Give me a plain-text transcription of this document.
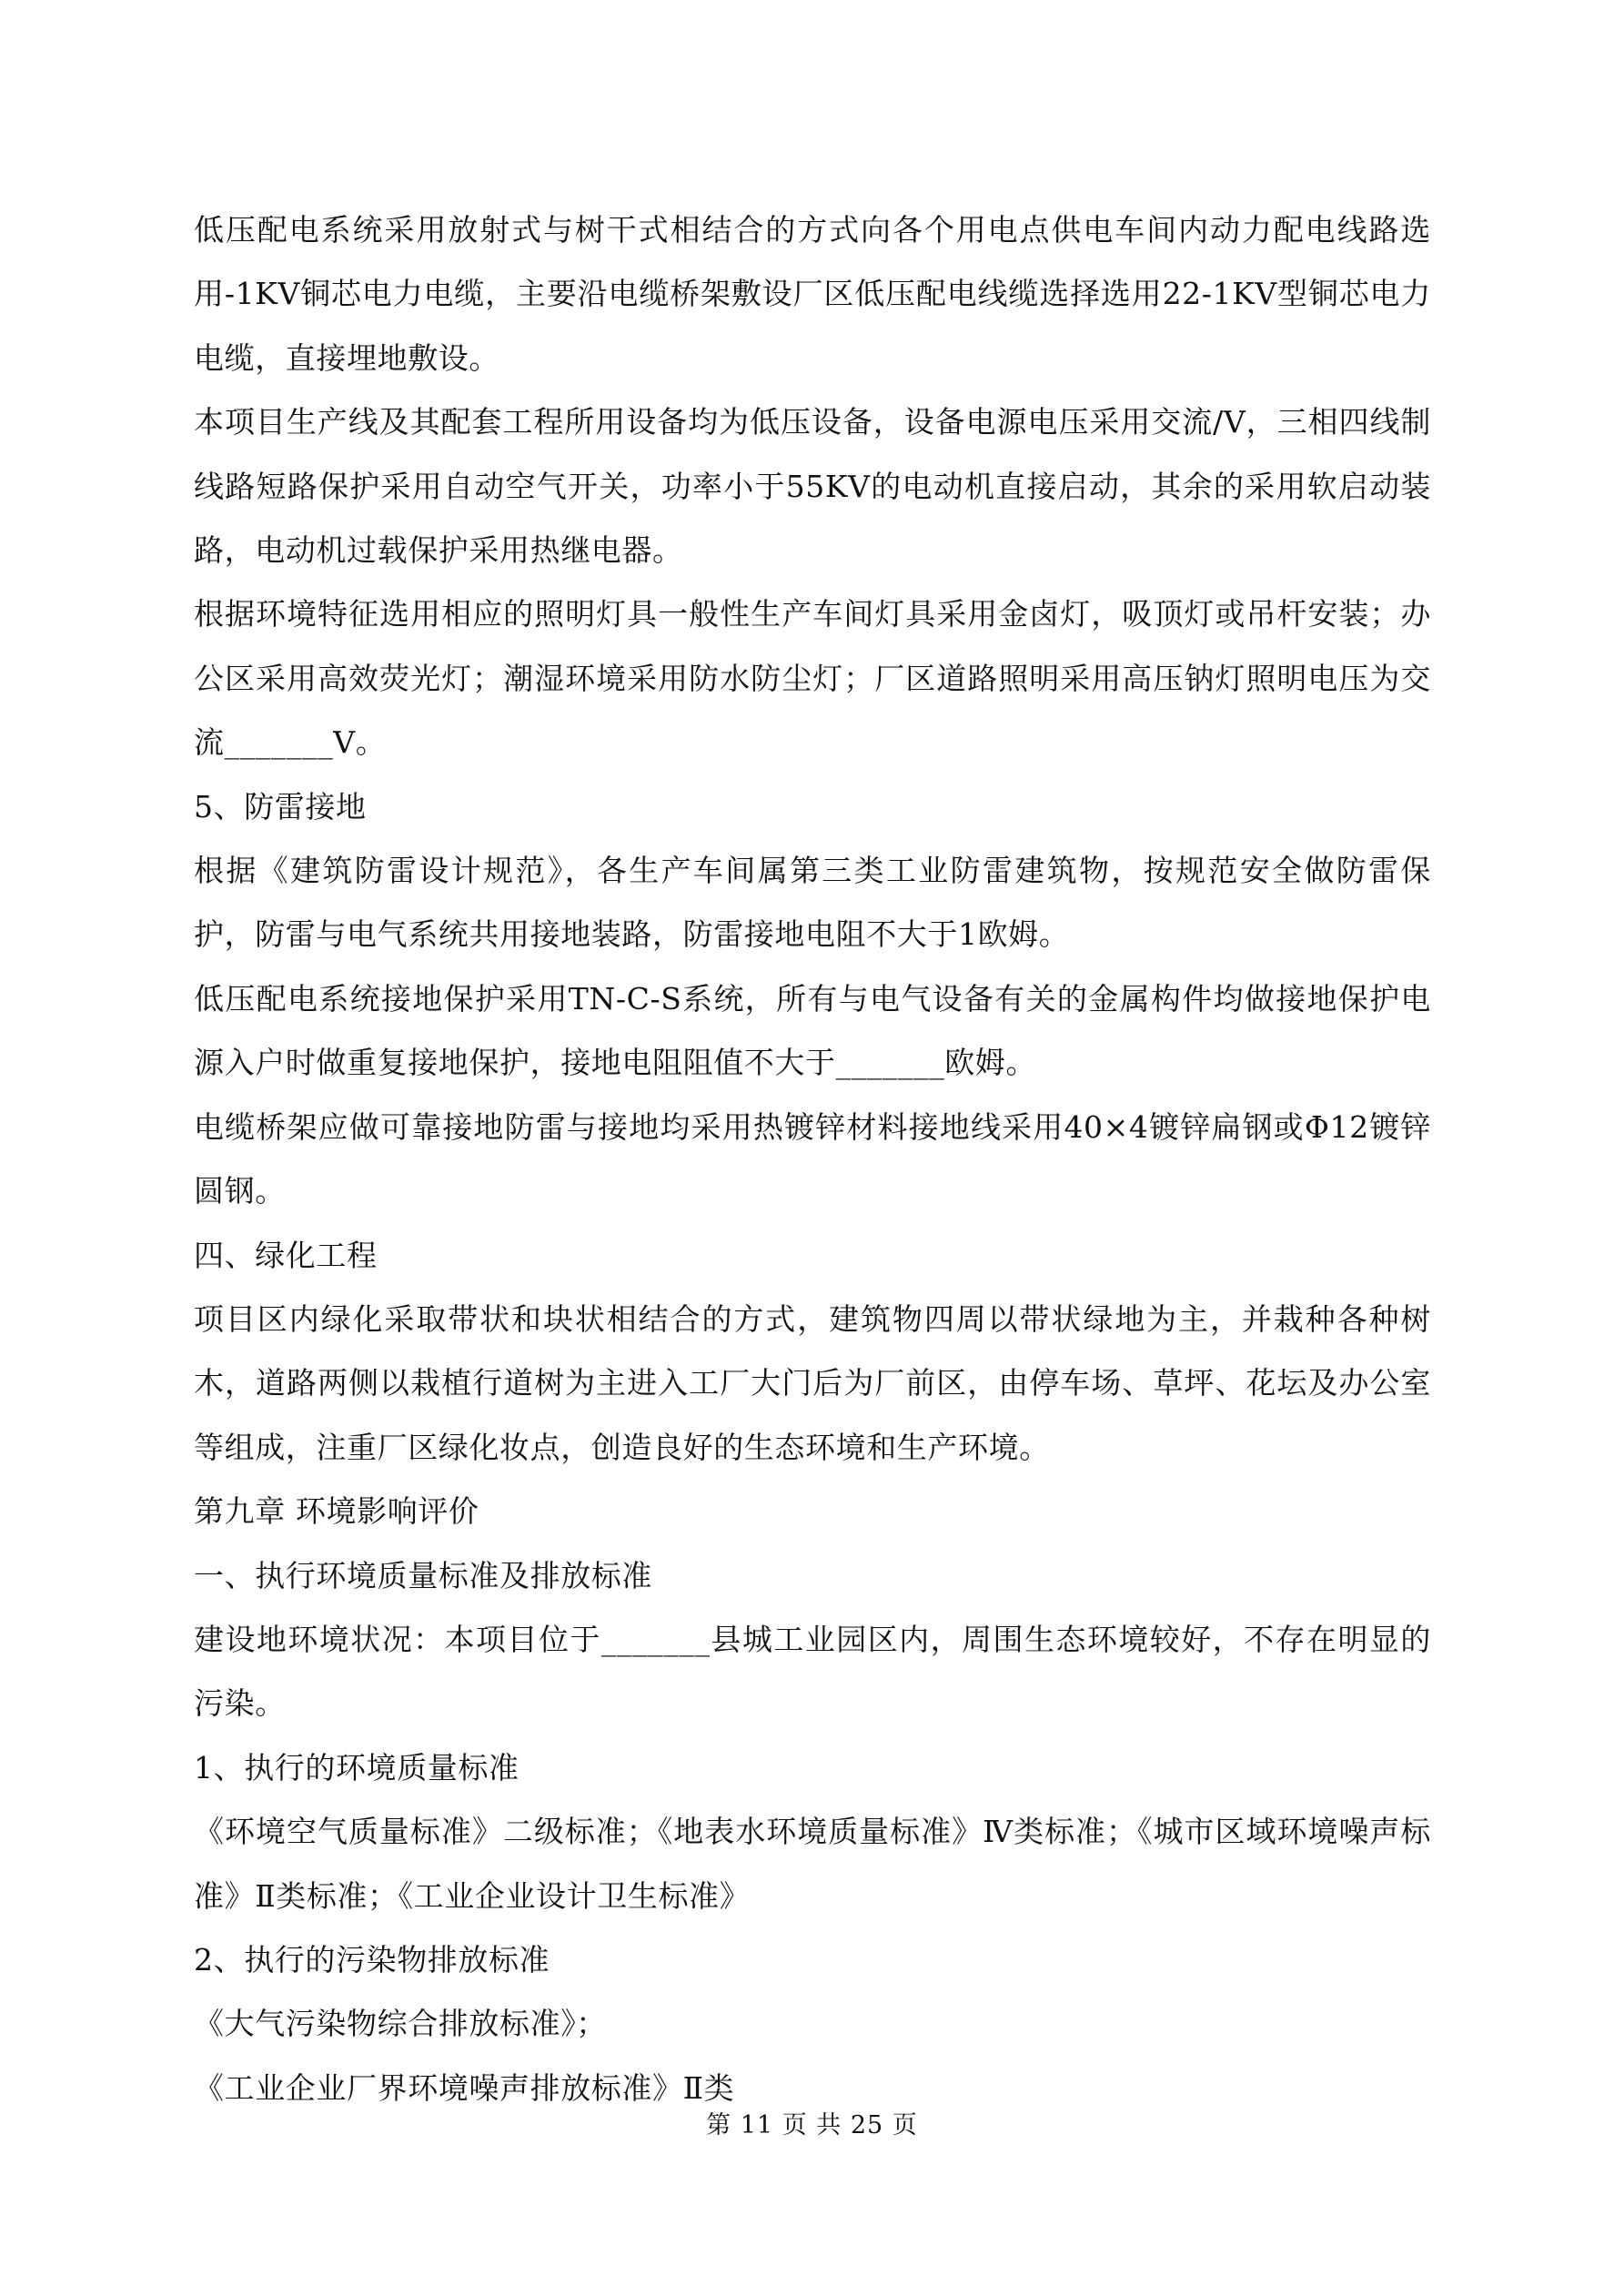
低压配电系统采用放射式与树干式相结合的方式向各个用电点供电车间内动力配电线路选用-1KV铜芯电力电缆，主要沿电缆桥架敷设厂区低压配电线缆选择选用22-1KV型铜芯电力电缆，直接埋地敷设。

本项目生产线及其配套工程所用设备均为低压设备，设备电源电压采用交流/V，三相四线制线路短路保护采用自动空气开关，功率小于55KV的电动机直接启动，其余的采用软启动装路，电动机过载保护采用热继电器。

根据环境特征选用相应的照明灯具一般性生产车间灯具采用金卤灯，吸顶灯或吊杆安装；办公区采用高效荧光灯；潮湿环境采用防水防尘灯；厂区道路照明采用高压钠灯照明电压为交流_______V。

5、防雷接地

根据《建筑防雷设计规范》，各生产车间属第三类工业防雷建筑物，按规范安全做防雷保护，防雷与电气系统共用接地装路，防雷接地电阻不大于1欧姆。

低压配电系统接地保护采用TN-C-S系统，所有与电气设备有关的金属构件均做接地保护电源入户时做重复接地保护，接地电阻阻值不大于_______欧姆。

电缆桥架应做可靠接地防雷与接地均采用热镀锌材料接地线采用40×4镀锌扁钢或Φ12镀锌圆钢。

四、绿化工程

项目区内绿化采取带状和块状相结合的方式，建筑物四周以带状绿地为主，并栽种各种树木，道路两侧以栽植行道树为主进入工厂大门后为厂前区，由停车场、草坪、花坛及办公室等组成，注重厂区绿化妆点，创造良好的生态环境和生产环境。

第九章 环境影响评价

一、执行环境质量标准及排放标准

建设地环境状况：本项目位于_______县城工业园区内，周围生态环境较好，不存在明显的污染。

1、执行的环境质量标准

《环境空气质量标准》二级标准；《地表水环境质量标准》Ⅳ类标准；《城市区域环境噪声标准》Ⅱ类标准；《工业企业设计卫生标准》

2、执行的污染物排放标准

《大气污染物综合排放标准》；

《工业企业厂界环境噪声排放标准》Ⅱ类

第 11 页 共 25 页
